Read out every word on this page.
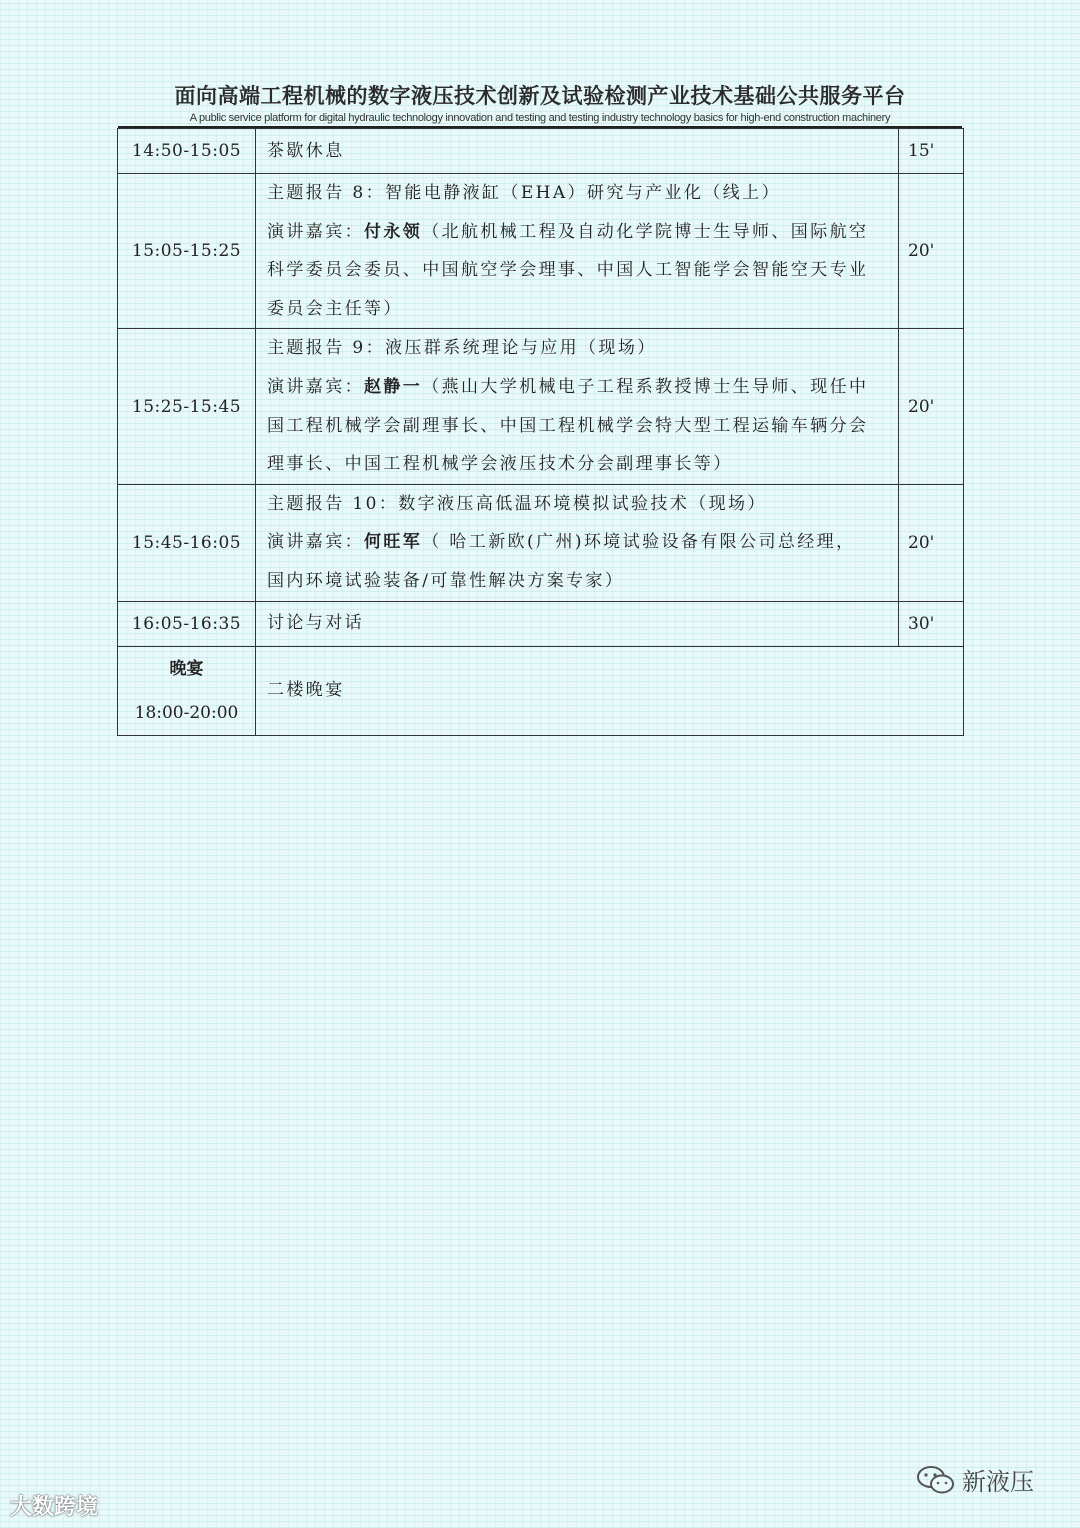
面向高端工程机械的数字液压技术创新及试验检测产业技术基础公共服务平台
A public service platform for digital hydraulic technology innovation and testing and testing industry technology basics for high-end construction machinery
14:50-15:05	茶歇休息	15'
15:05-15:25	主题报告 8：智能电静液缸（EHA）研究与产业化（线上）
演讲嘉宾：付永领（北航机械工程及自动化学院博士生导师、国际航空
科学委员会委员、中国航空学会理事、中国人工智能学会智能空天专业
委员会主任等）	20'
15:25-15:45	主题报告 9：液压群系统理论与应用（现场）
演讲嘉宾：赵静一（燕山大学机械电子工程系教授博士生导师、现任中
国工程机械学会副理事长、中国工程机械学会特大型工程运输车辆分会
理事长、中国工程机械学会液压技术分会副理事长等）	20'
15:45-16:05	主题报告 10：数字液压高低温环境模拟试验技术（现场）
演讲嘉宾：何旺军（ 哈工新欧(广州)环境试验设备有限公司总经理，
国内环境试验装备/可靠性解决方案专家）	20'
16:05-16:35	讨论与对话	30'

晚宴
18:00-20:00	二楼晚宴	
大数跨境
新液压
